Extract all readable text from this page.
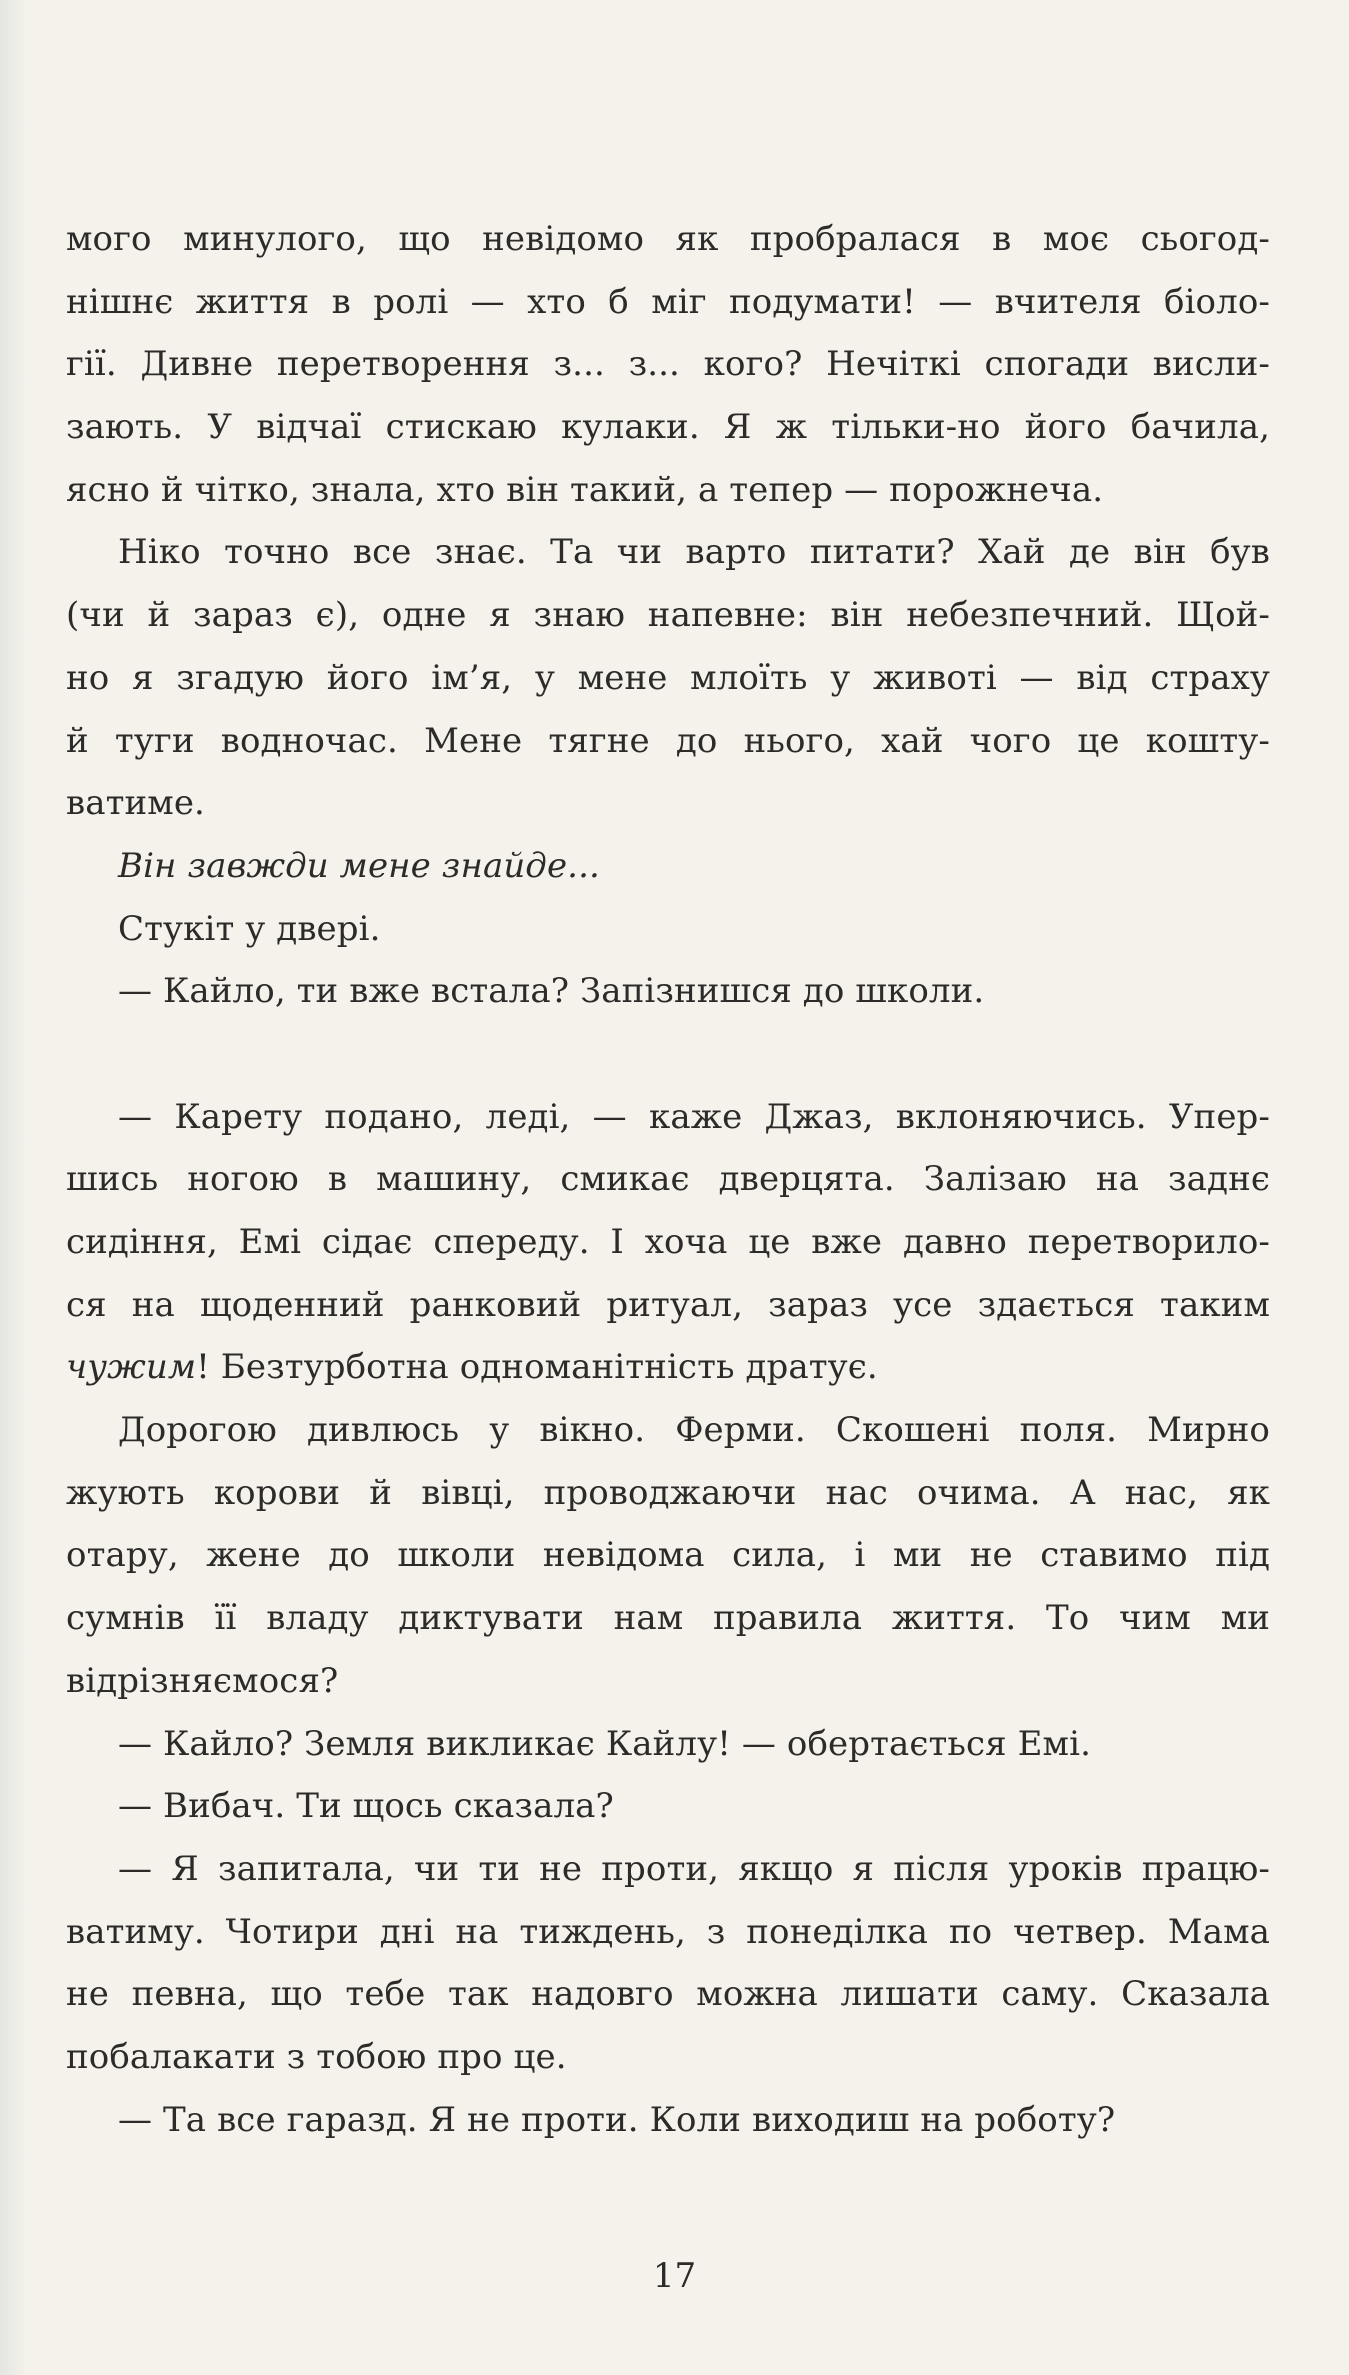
мого минулого, що невідомо як пробралася в моє сьогод-
нішнє життя в ролі — хто б міг подумати! — вчителя біоло-
гії. Дивне перетворення з... з... кого? Нечіткі спогади висли-
зають. У відчаї стискаю кулаки. Я ж тільки-но його бачила,
ясно й чітко, знала, хто він такий, а тепер — порожнеча.
Ніко точно все знає. Та чи варто питати? Хай де він був
(чи й зараз є), одне я знаю напевне: він небезпечний. Щой-
но я згадую його ім’я, у мене млоїть у животі — від страху
й туги водночас. Мене тягне до нього, хай чого це кошту-
ватиме.
Він завжди мене знайде...
Стукіт у двері.
— Кайло, ти вже встала? Запізнишся до школи.
— Карету подано, леді, — каже Джаз, вклоняючись. Упер-
шись ногою в машину, смикає дверцята. Залізаю на заднє
сидіння, Емі сідає спереду. І хоча це вже давно перетворило-
ся на щоденний ранковий ритуал, зараз усе здається таким
чужим! Безтурботна одноманітність дратує.
Дорогою дивлюсь у вікно. Ферми. Скошені поля. Мирно
жують корови й вівці, проводжаючи нас очима. А нас, як
отару, жене до школи невідома сила, і ми не ставимо під
сумнів її владу диктувати нам правила життя. То чим ми
відрізняємося?
— Кайло? Земля викликає Кайлу! — обертається Емі.
— Вибач. Ти щось сказала?
— Я запитала, чи ти не проти, якщо я після уроків працю-
ватиму. Чотири дні на тиждень, з понеділка по четвер. Мама
не певна, що тебе так надовго можна лишати саму. Сказала
побалакати з тобою про це.
— Та все гаразд. Я не проти. Коли виходиш на роботу?
17
